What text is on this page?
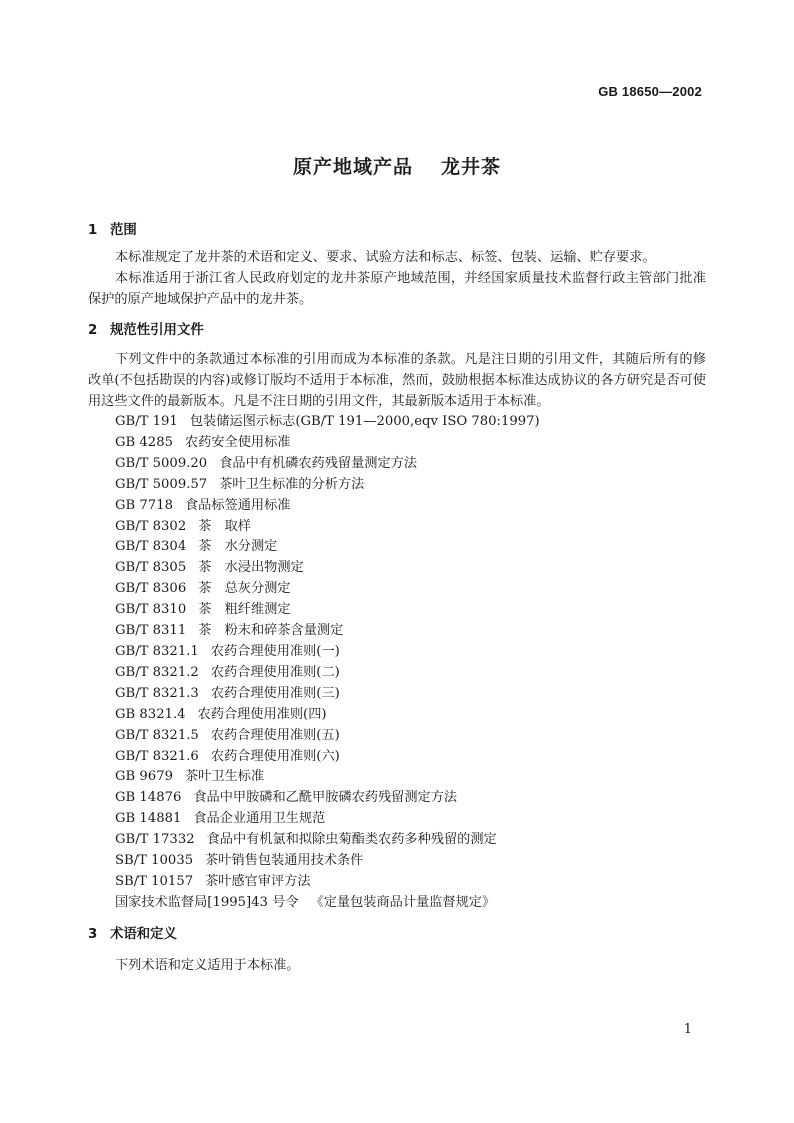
GB 18650—2002
原产地域产品 龙井茶
1 范围

本标准规定了龙井茶的术语和定义、要求、试验方法和标志、标签、包装、运输、贮存要求。

本标准适用于浙江省人民政府划定的龙井茶原产地域范围，并经国家质量技术监督行政主管部门批准保护的原产地域保护产品中的龙井茶。

2 规范性引用文件

下列文件中的条款通过本标准的引用而成为本标准的条款。凡是注日期的引用文件，其随后所有的修改单(不包括勘误的内容)或修订版均不适用于本标准，然而，鼓励根据本标准达成协议的各方研究是否可使用这些文件的最新版本。凡是不注日期的引用文件，其最新版本适用于本标准。

GB/T 191 包装储运图示标志(GB/T 191—2000,eqv ISO 780:1997)
GB 4285 农药安全使用标准
GB/T 5009.20 食品中有机磷农药残留量测定方法
GB/T 5009.57 茶叶卫生标准的分析方法
GB 7718 食品标签通用标准
GB/T 8302 茶　取样
GB/T 8304 茶　水分测定
GB/T 8305 茶　水浸出物测定
GB/T 8306 茶　总灰分测定
GB/T 8310 茶　粗纤维测定
GB/T 8311 茶　粉末和碎茶含量测定
GB/T 8321.1 农药合理使用准则(一)
GB/T 8321.2 农药合理使用准则(二)
GB/T 8321.3 农药合理使用准则(三)
GB 8321.4 农药合理使用准则(四)
GB/T 8321.5 农药合理使用准则(五)
GB/T 8321.6 农药合理使用准则(六)
GB 9679 茶叶卫生标准
GB 14876 食品中甲胺磷和乙酰甲胺磷农药残留测定方法
GB 14881 食品企业通用卫生规范
GB/T 17332 食品中有机氯和拟除虫菊酯类农药多种残留的测定
SB/T 10035 茶叶销售包装通用技术条件
SB/T 10157 茶叶感官审评方法
国家技术监督局[1995]43 号令 《定量包装商品计量监督规定》
3 术语和定义

下列术语和定义适用于本标准。

1
